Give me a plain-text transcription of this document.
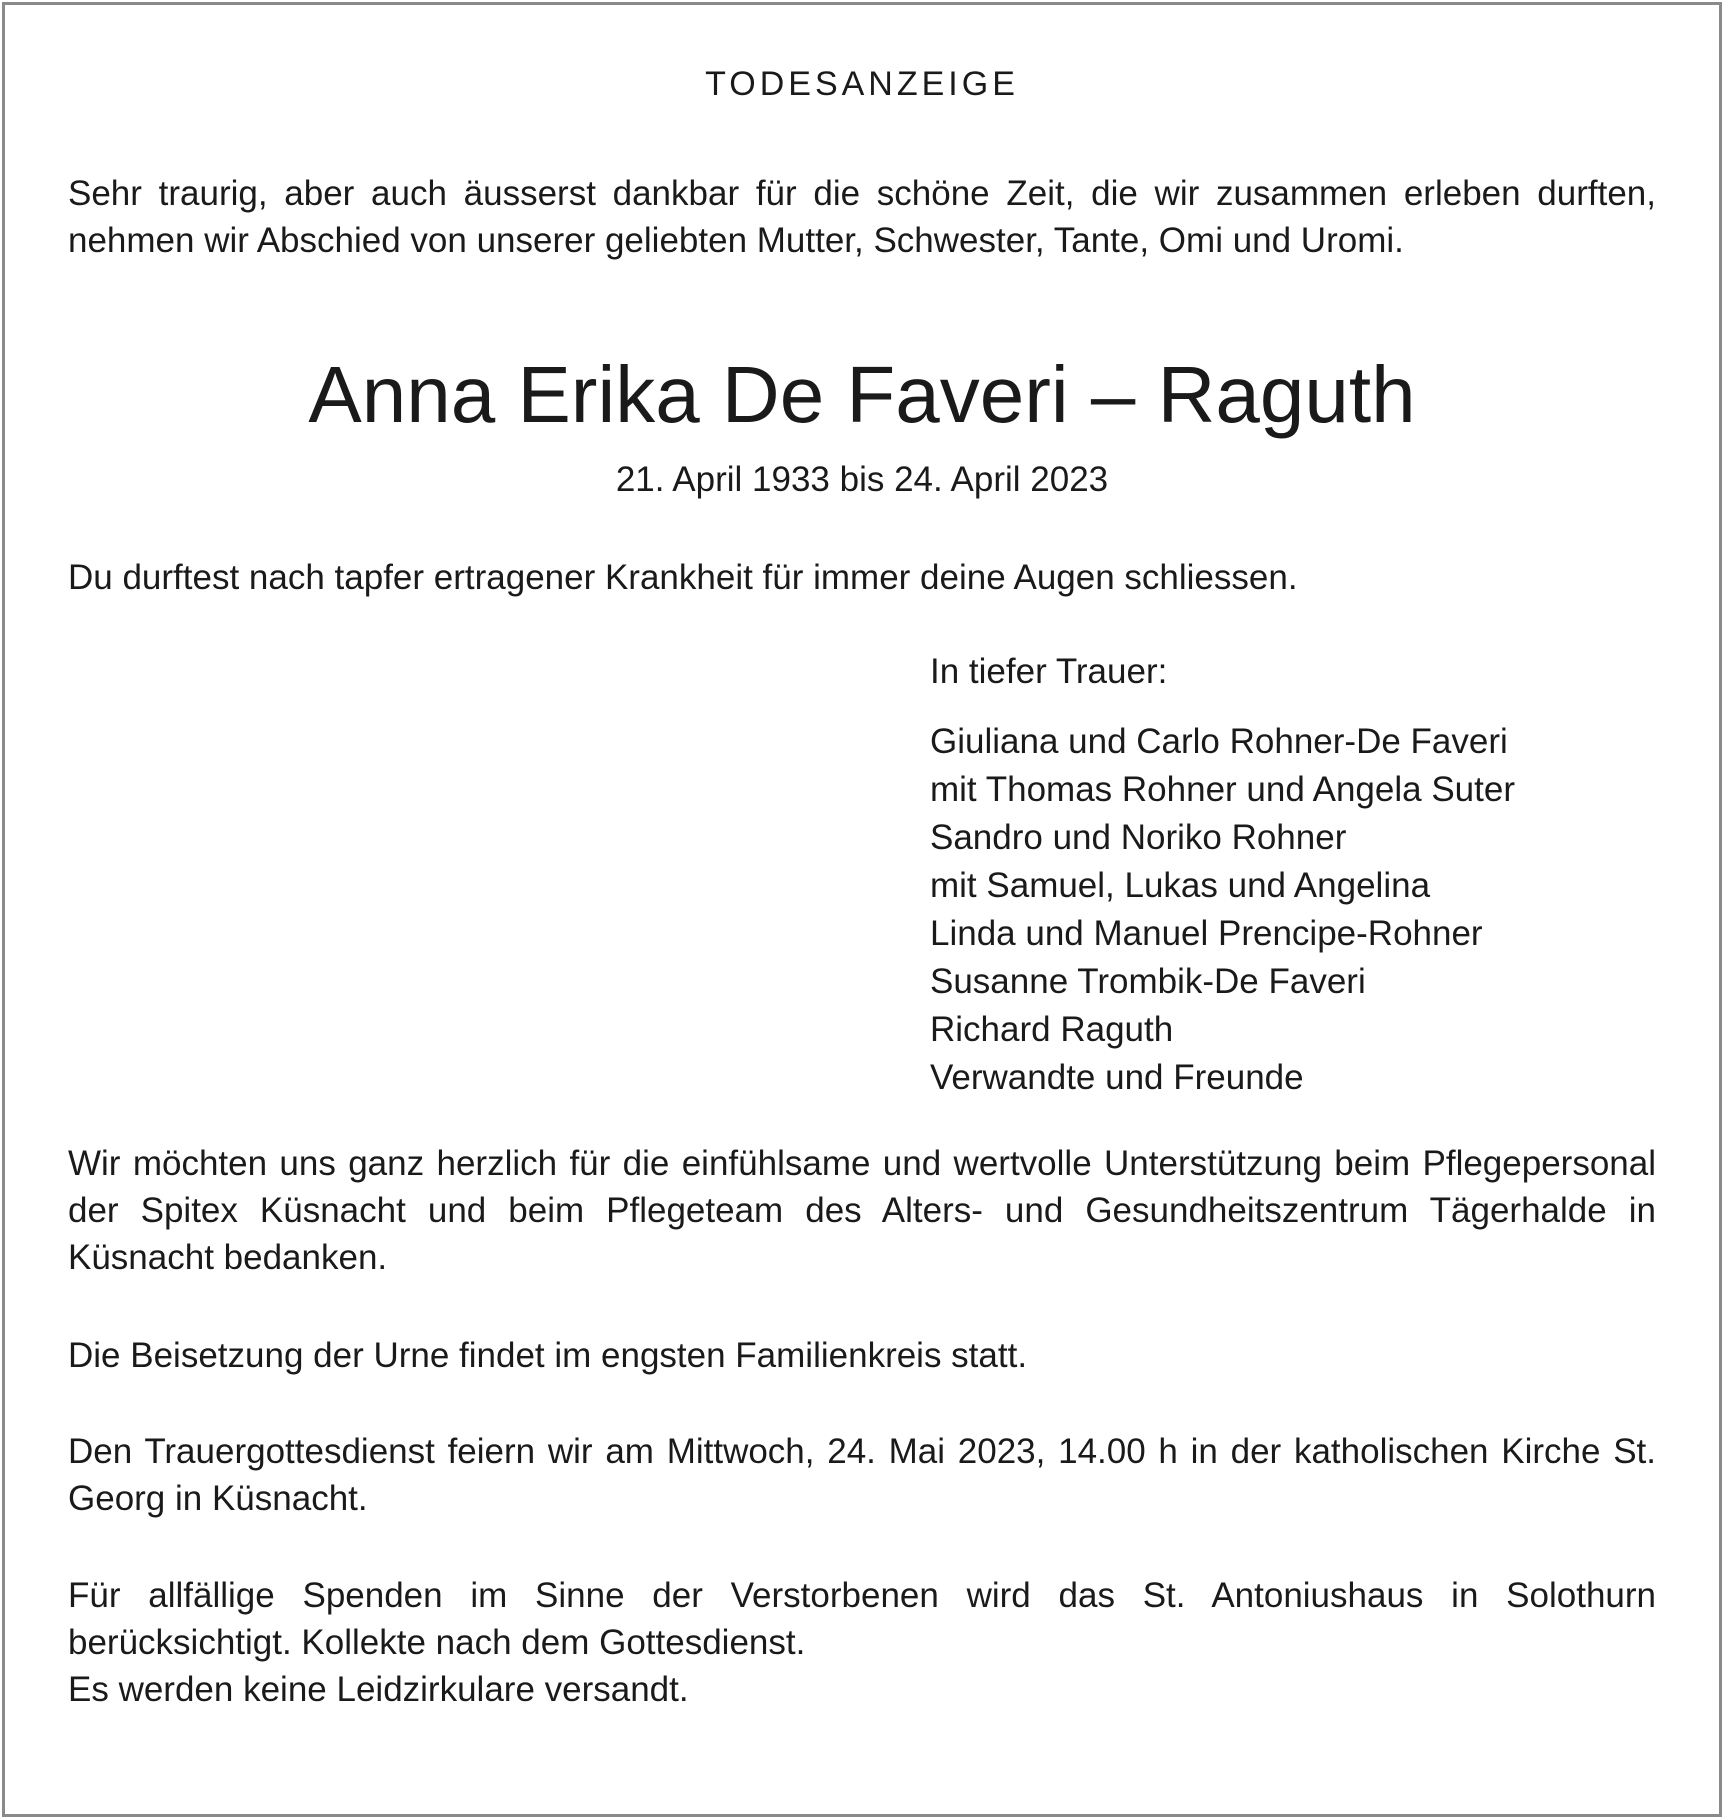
TODESANZEIGE

Sehr traurig, aber auch äusserst dankbar für die schöne Zeit, die wir zusammen erleben durften, nehmen wir Abschied von unserer geliebten Mutter, Schwester, Tante, Omi und Uromi.

Anna Erika De Faveri – Raguth
21. April 1933 bis 24. April 2023

Du durftest nach tapfer ertragener Krankheit für immer deine Augen schliessen.

In tiefer Trauer:
Giuliana und Carlo Rohner-De Faveri
mit Thomas Rohner und Angela Suter
Sandro und Noriko Rohner
mit Samuel, Lukas und Angelina
Linda und Manuel Prencipe-Rohner
Susanne Trombik-De Faveri
Richard Raguth
Verwandte und Freunde

Wir möchten uns ganz herzlich für die einfühlsame und wertvolle Unterstützung beim Pflegepersonal der Spitex Küsnacht und beim Pflegeteam des Alters- und Gesundheitszentrum Tägerhalde in Küsnacht bedanken.

Die Beisetzung der Urne findet im engsten Familienkreis statt.

Den Trauergottesdienst feiern wir am Mittwoch, 24. Mai 2023, 14.00 h in der katholischen Kirche St. Georg in Küsnacht.

Für allfällige Spenden im Sinne der Verstorbenen wird das St. Antoniushaus in Solothurn berücksichtigt. Kollekte nach dem Gottesdienst.

Es werden keine Leidzirkulare versandt.
